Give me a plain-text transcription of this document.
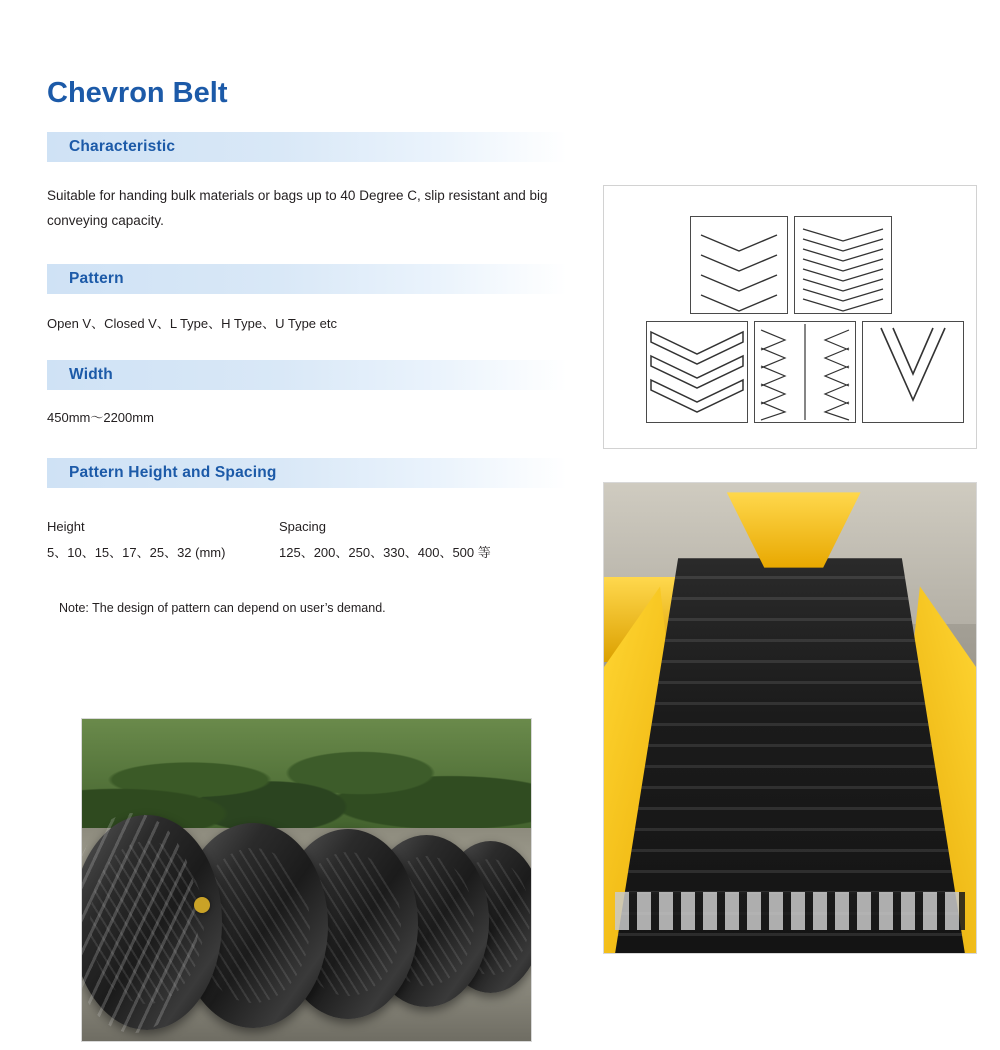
Chevron Belt
Characteristic

Suitable for handing bulk materials or bags up to 40 Degree C, slip resistant and big conveying capacity.

Pattern

Open V、Closed V、L Type、H Type、U Type etc

Width

450mm～2200mm

Pattern Height and Spacing
Height	Spacing
5、10、15、17、25、32 (mm)	125、200、250、330、400、500 等
Note: The design of pattern can depend on user’s demand.
